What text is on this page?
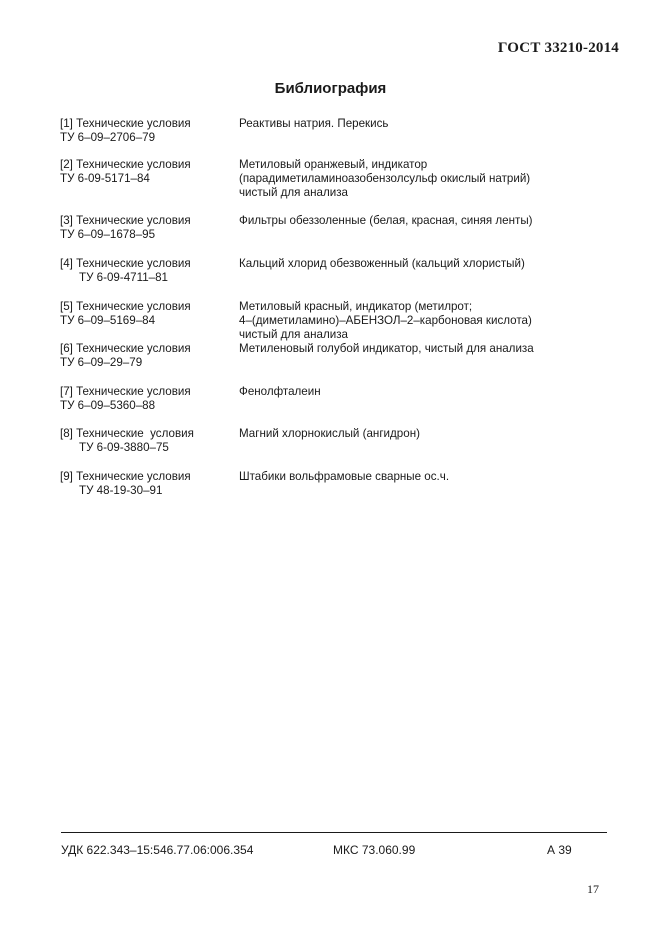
ГОСТ 33210-2014
Библиография
[1] Технические условия
ТУ 6–09–2706–79
Реактивы натрия. Перекись
[2] Технические условия
ТУ 6-09-5171–84
Метиловый оранжевый, индикатор
(парадиметиламиноазобензолсульф окислый натрий)
чистый для анализа
[3] Технические условия
ТУ 6–09–1678–95
Фильтры обеззоленные (белая, красная, синяя ленты)
[4] Технические условия
ТУ 6-09-4711–81
Кальций хлорид обезвоженный (кальций хлористый)
[5] Технические условия
ТУ 6–09–5169–84
Метиловый красный, индикатор (метилрот;
4–(диметиламино)–АБЕНЗОЛ–2–карбоновая кислота)
чистый для анализа
[6] Технические условия
ТУ 6–09–29–79
Метиленовый голубой индикатор, чистый для анализа
[7] Технические условия
ТУ 6–09–5360–88
Фенолфталеин
[8] Технические  условия
ТУ 6-09-3880–75
Магний хлорнокислый (ангидрон)
[9] Технические условия
ТУ 48-19-30–91
Штабики вольфрамовые сварные ос.ч.
УДК 622.343–15:546.77.06:006.354	МКС 73.060.99	А 39
17
